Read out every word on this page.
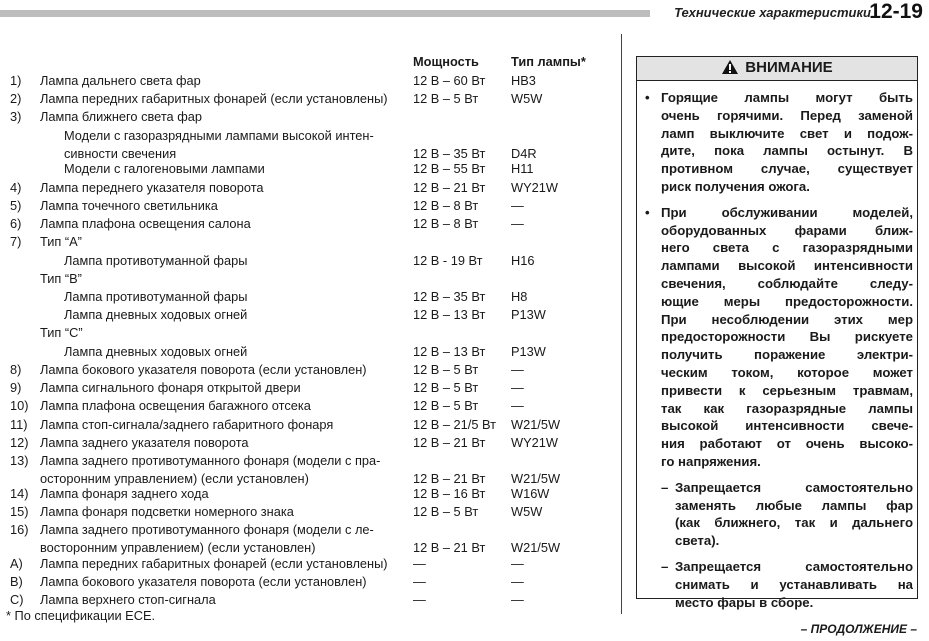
Технические характеристики
12-19
Мощность	Тип лампы*
1) Лампа дальнего света фар	12 В – 60 Вт HB3
2) Лампа передних габаритных фонарей (если установлены)	12 В – 5 Вт	W5W
3) Лампа ближнего света фар
Модели с газоразрядными лампами высокой интен-
сивности свечения	12 В – 35 Вт D4R
Модели с галогеновыми лампами	12 В – 55 Вт H11
4) Лампа переднего указателя поворота	12 В – 21 Вт WY21W
5) Лампа точечного светильника	12 В – 8 Вт	—
6) Лампа плафона освещения салона	12 В – 8 Вт	—
7) Тип “А”
Лампа противотуманной фары	12 В - 19 Вт H16
Тип “В”
Лампа противотуманной фары	12 В – 35 Вт H8
Лампа дневных ходовых огней	12 В – 13 Вт P13W
Тип “С”
Лампа дневных ходовых огней	12 В – 13 Вт P13W
8) Лампа бокового указателя поворота (если установлен)	12 В – 5 Вт	—
9) Лампа сигнального фонаря открытой двери	12 В – 5 Вт	—
10) Лампа плафона освещения багажного отсека	12 В – 5 Вт	—
11) Лампа стоп-сигнала/заднего габаритного фонаря	12 В – 21/5 Вт W21/5W
12) Лампа заднего указателя поворота	12 В – 21 Вт WY21W
13) Лампа заднего противотуманного фонаря (модели с пра-
осторонним управлением) (если установлен)	12 В – 21 Вт W21/5W
14) Лампа фонаря заднего хода	12 В – 16 Вт W16W
15) Лампа фонаря подсветки номерного знака	12 В – 5 Вт	W5W
16) Лампа заднего противотуманного фонаря (модели с ле-
восторонним управлением) (если установлен)	12 В – 21 Вт W21/5W
A) Лампа передних габаритных фонарей (если установлены)	—	—
B) Лампа бокового указателя поворота (если установлен)	—	—
C) Лампа верхнего стоп-сигнала	—	—
* По спецификации ECE.
ВНИМАНИЕ
• Горящие лампы могут быть
очень горячими. Перед заменой
ламп выключите свет и подож-
дите, пока лампы остынут. В
противном случае, существует
риск получения ожога.
• При обслуживании моделей,
оборудованных фарами ближ-
него света с газоразрядными
лампами высокой интенсивности
свечения, соблюдайте следу-
ющие меры предосторожности.
При несоблюдении этих мер
предосторожности Вы рискуете
получить поражение электри-
ческим током, которое может
привести к серьезным травмам,
так как газоразрядные лампы
высокой интенсивности свече-
ния работают от очень высоко-
го напряжения.
– Запрещается самостоятельно
заменять любые лампы фар
(как ближнего, так и дальнего
света).
– Запрещается самостоятельно
снимать и устанавливать на
место фары в сборе.
– ПРОДОЛЖЕНИЕ –
